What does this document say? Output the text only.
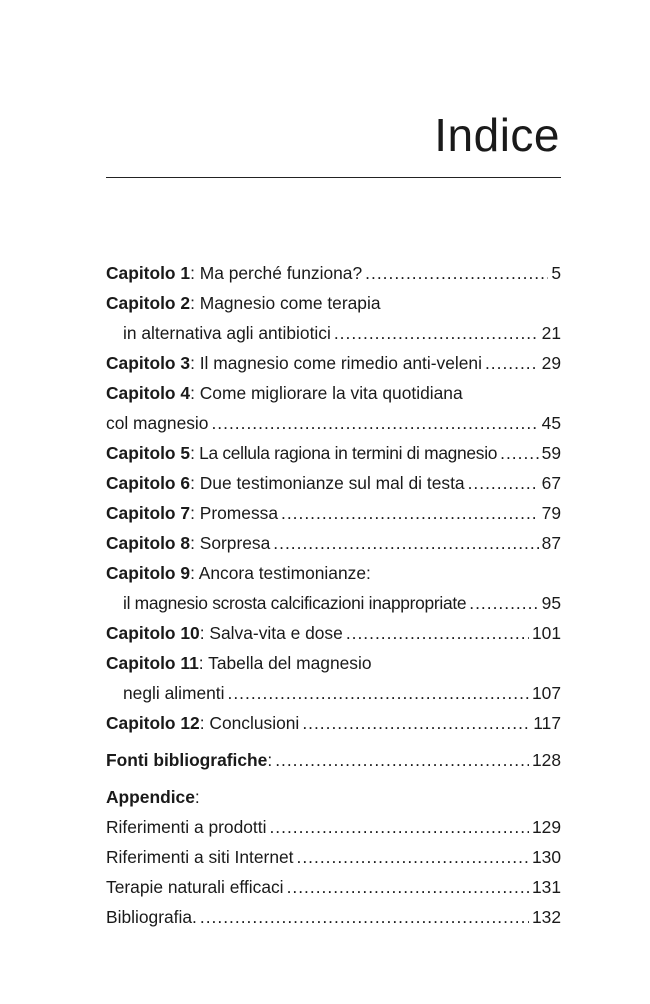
Indice
Capitolo 1 : Ma perché funziona? .....	5
Capitolo 2 : Magnesio come terapia
in alternativa agli antibiotici .....	21
Capitolo 3 : Il magnesio come rimedio anti-veleni .....	29
Capitolo 4 : Come migliorare la vita quotidiana
col magnesio .....	45
Capitolo 5 : La cellula ragiona in termini di magnesio .....	59
Capitolo 6 : Due testimonianze sul mal di testa .....	67
Capitolo 7 : Promessa .....	79
Capitolo 8 : Sorpresa .....	87
Capitolo 9 : Ancora testimonianze:
il magnesio scrosta calcificazioni inappropriate .....	95
Capitolo 10 : Salva-vita e dose .....	101
Capitolo 11 : Tabella del magnesio
negli alimenti .....	107
Capitolo 12 : Conclusioni .....	117
Fonti bibliografiche : .....	128
Appendice :
Riferimenti a prodotti .....	129
Riferimenti a siti Internet .....	130
Terapie naturali efficaci .....	131
Bibliografia. .....	132
